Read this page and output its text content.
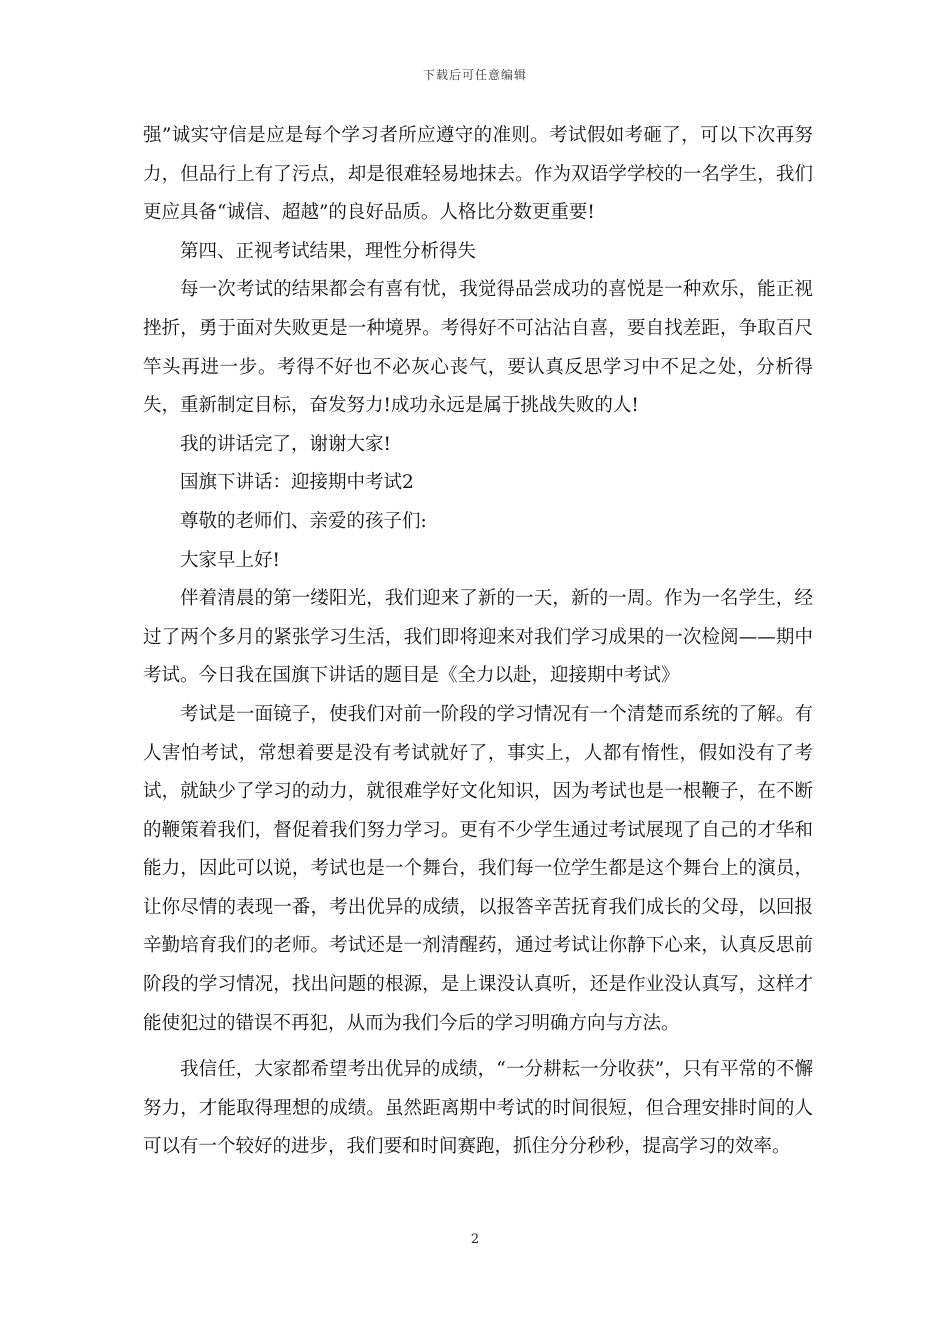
下载后可任意编辑

强”诚实守信是应是每个学习者所应遵守的准则。考试假如考砸了，可以下次再努力，但品行上有了污点，却是很难轻易地抹去。作为双语学学校的一名学生，我们更应具备“诚信、超越”的良好品质。人格比分数更重要!

第四、正视考试结果，理性分析得失

每一次考试的结果都会有喜有忧，我觉得品尝成功的喜悦是一种欢乐，能正视挫折，勇于面对失败更是一种境界。考得好不可沾沾自喜，要自找差距，争取百尺竿头再进一步。考得不好也不必灰心丧气，要认真反思学习中不足之处，分析得失，重新制定目标，奋发努力!成功永远是属于挑战失败的人!

我的讲话完了，谢谢大家!

国旗下讲话：迎接期中考试2

尊敬的老师们、亲爱的孩子们:

大家早上好!

伴着清晨的第一缕阳光，我们迎来了新的一天，新的一周。作为一名学生，经过了两个多月的紧张学习生活，我们即将迎来对我们学习成果的一次检阅——期中考试。今日我在国旗下讲话的题目是《全力以赴，迎接期中考试》

考试是一面镜子，使我们对前一阶段的学习情况有一个清楚而系统的了解。有人害怕考试，常想着要是没有考试就好了，事实上，人都有惰性，假如没有了考试，就缺少了学习的动力，就很难学好文化知识，因为考试也是一根鞭子，在不断的鞭策着我们，督促着我们努力学习。更有不少学生通过考试展现了自己的才华和能力，因此可以说，考试也是一个舞台，我们每一位学生都是这个舞台上的演员，让你尽情的表现一番，考出优异的成绩，以报答辛苦抚育我们成长的父母，以回报辛勤培育我们的老师。考试还是一剂清醒药，通过考试让你静下心来，认真反思前阶段的学习情况，找出问题的根源，是上课没认真听，还是作业没认真写，这样才能使犯过的错误不再犯，从而为我们今后的学习明确方向与方法。

我信任，大家都希望考出优异的成绩，“一分耕耘一分收获”，只有平常的不懈努力，才能取得理想的成绩。虽然距离期中考试的时间很短，但合理安排时间的人可以有一个较好的进步，我们要和时间赛跑，抓住分分秒秒，提高学习的效率。

2
